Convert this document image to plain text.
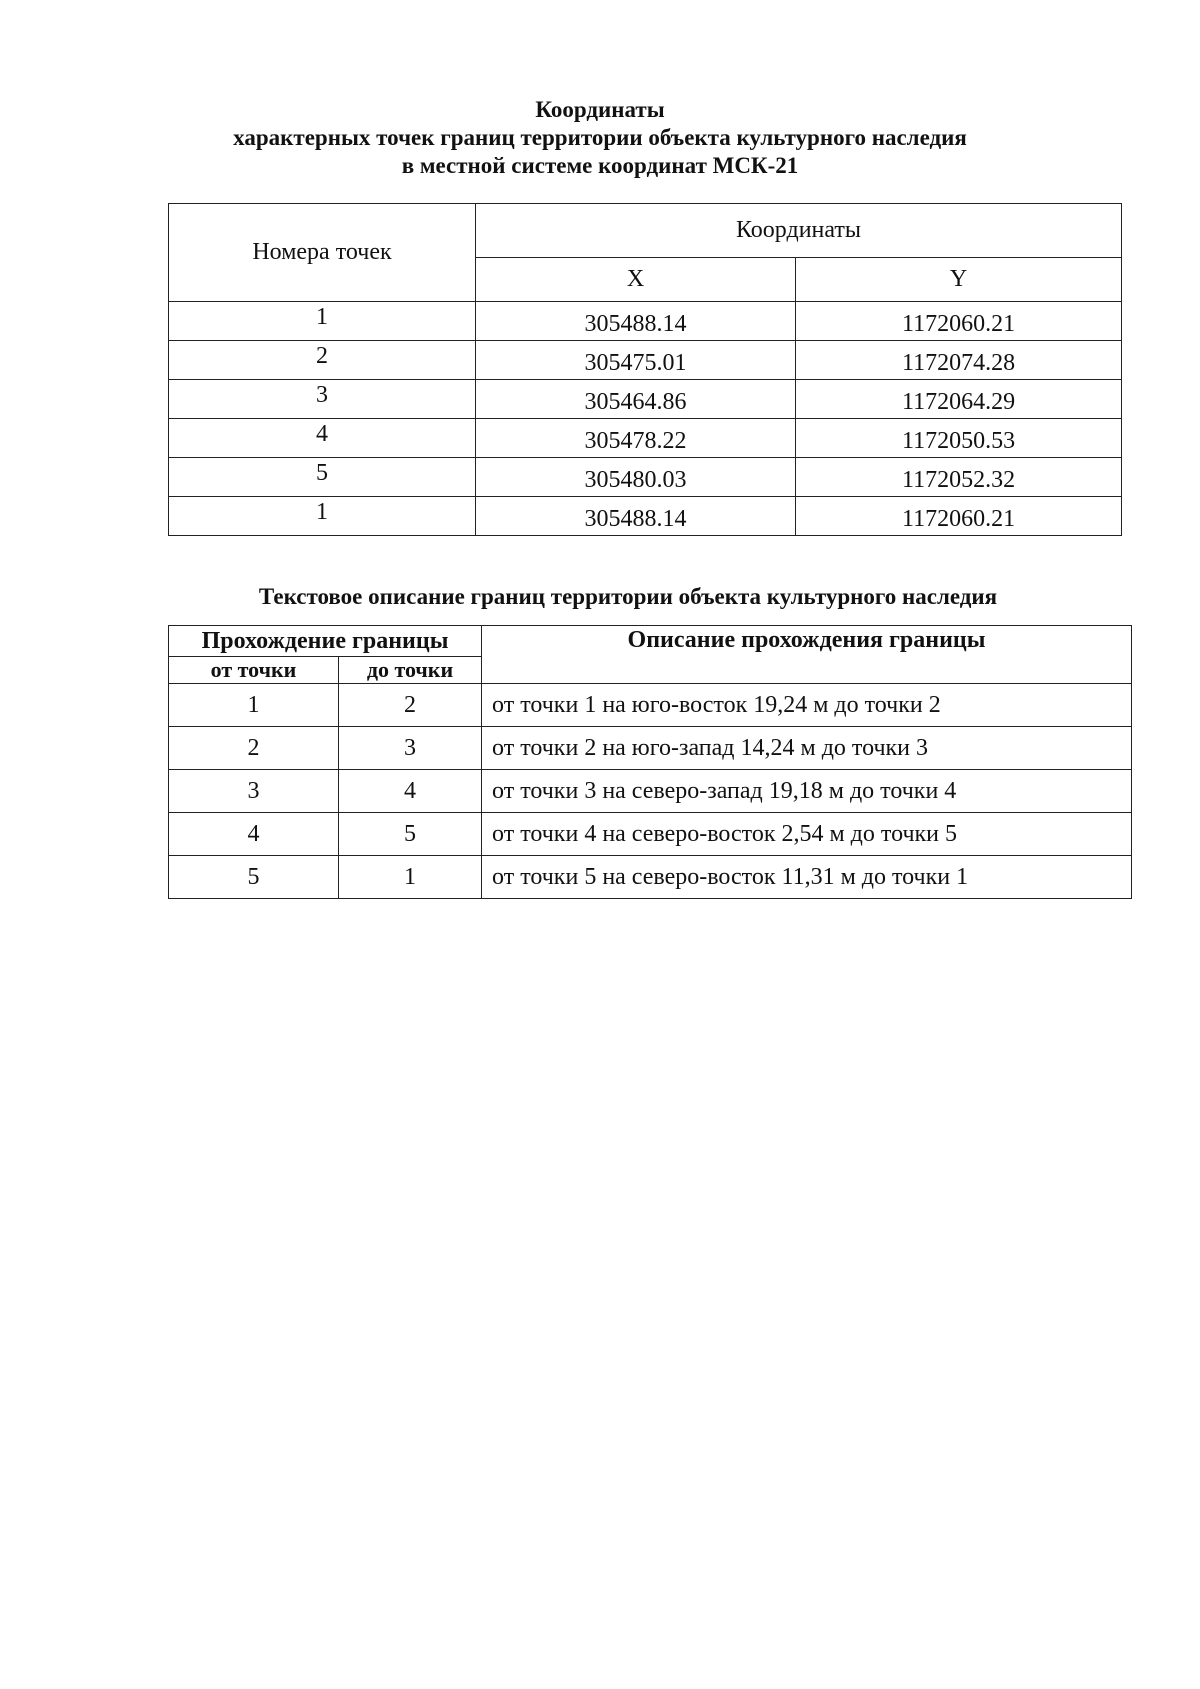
Координаты
характерных точек границ территории объекта культурного наследия
в местной системе координат МСК-21
Номера точек	Координаты	
	X	Y
1	305488.14	1172060.21
2	305475.01	1172074.28
3	305464.86	1172064.29
4	305478.22	1172050.53
5	305480.03	1172052.32
1	305488.14	1172060.21
Текстовое описание границ территории объекта культурного наследия
Прохождение границы		Описание прохождения границы
от точки	до точки	
1	2	от точки 1 на юго-восток 19,24 м до точки 2
2	3	от точки 2 на юго-запад 14,24 м до точки 3
3	4	от точки 3 на северо-запад 19,18 м до точки 4
4	5	от точки 4 на северо-восток 2,54 м до точки 5
5	1	от точки 5 на северо-восток 11,31 м до точки 1
